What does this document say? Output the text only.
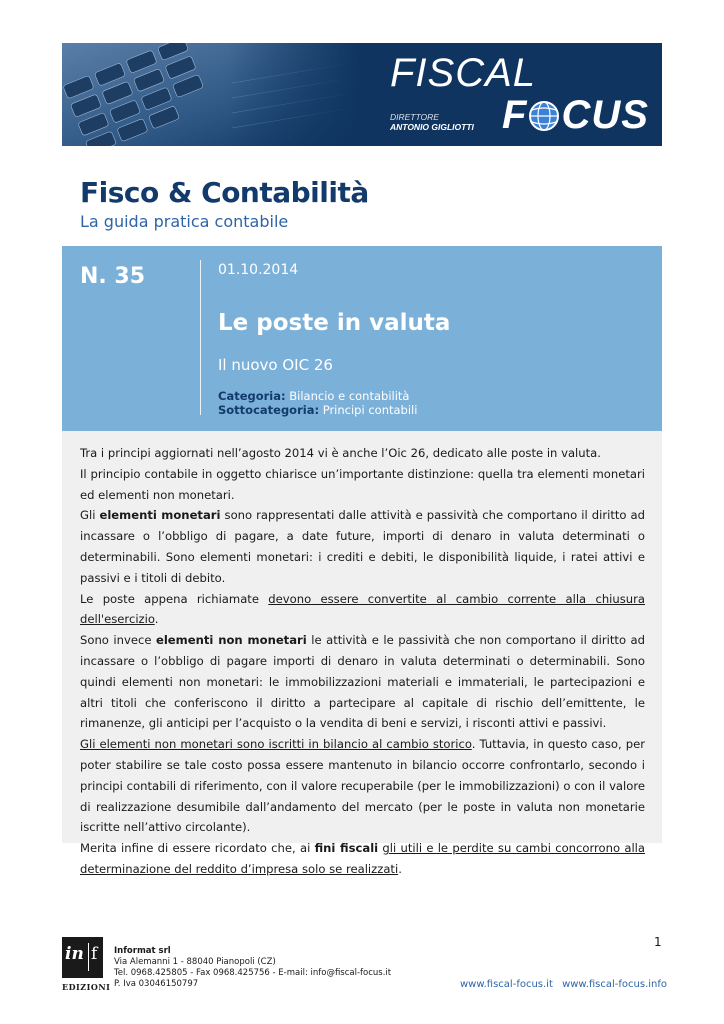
FISCAL
DIRETTORE
ANTONIO GIGLIOTTI F CUS
Fisco & Contabilità
La guida pratica contabile
N. 35	01.10.2014
Le poste in valuta
Il nuovo OIC 26
Categoria: Bilancio e contabilità
Sottocategoria: Principi contabili

Tra i principi aggiornati nell’agosto 2014 vi è anche l’Oic 26, dedicato alle poste in valuta.

Il principio contabile in oggetto chiarisce un’importante distinzione: quella tra elementi monetari ed elementi non monetari.

Gli elementi monetari sono rappresentati dalle attività e passività che comportano il diritto ad incassare o l’obbligo di pagare, a date future, importi di denaro in valuta determinati o determinabili. Sono elementi monetari: i crediti e debiti, le disponibilità liquide, i ratei attivi e passivi e i titoli di debito.

Le poste appena richiamate devono essere convertite al cambio corrente alla chiusura dell'esercizio.

Sono invece elementi non monetari le attività e le passività che non comportano il diritto ad incassare o l’obbligo di pagare importi di denaro in valuta determinati o determinabili. Sono quindi elementi non monetari: le immobilizzazioni materiali e immateriali, le partecipazioni e altri titoli che conferiscono il diritto a partecipare al capitale di rischio dell’emittente, le rimanenze, gli anticipi per l’acquisto o la vendita di beni e servizi, i risconti attivi e passivi.

Gli elementi non monetari sono iscritti in bilancio al cambio storico. Tuttavia, in questo caso, per poter stabilire se tale costo possa essere mantenuto in bilancio occorre confrontarlo, secondo i principi contabili di riferimento, con il valore recuperabile (per le immobilizzazioni) o con il valore di realizzazione desumibile dall’andamento del mercato (per le poste in valuta non monetarie iscritte nell’attivo circolante).

Merita infine di essere ricordato che, ai fini fiscali gli utili e le perdite su cambi concorrono alla determinazione del reddito d’impresa solo se realizzati.

1
in f
EDIZIONI
Informat srl
Via Alemanni 1 - 88040 Pianopoli (CZ)
Tel. 0968.425805 - Fax 0968.425756 - E-mail: info@fiscal-focus.it
P. Iva 03046150797	www.fiscal-focus.it www.fiscal-focus.info
